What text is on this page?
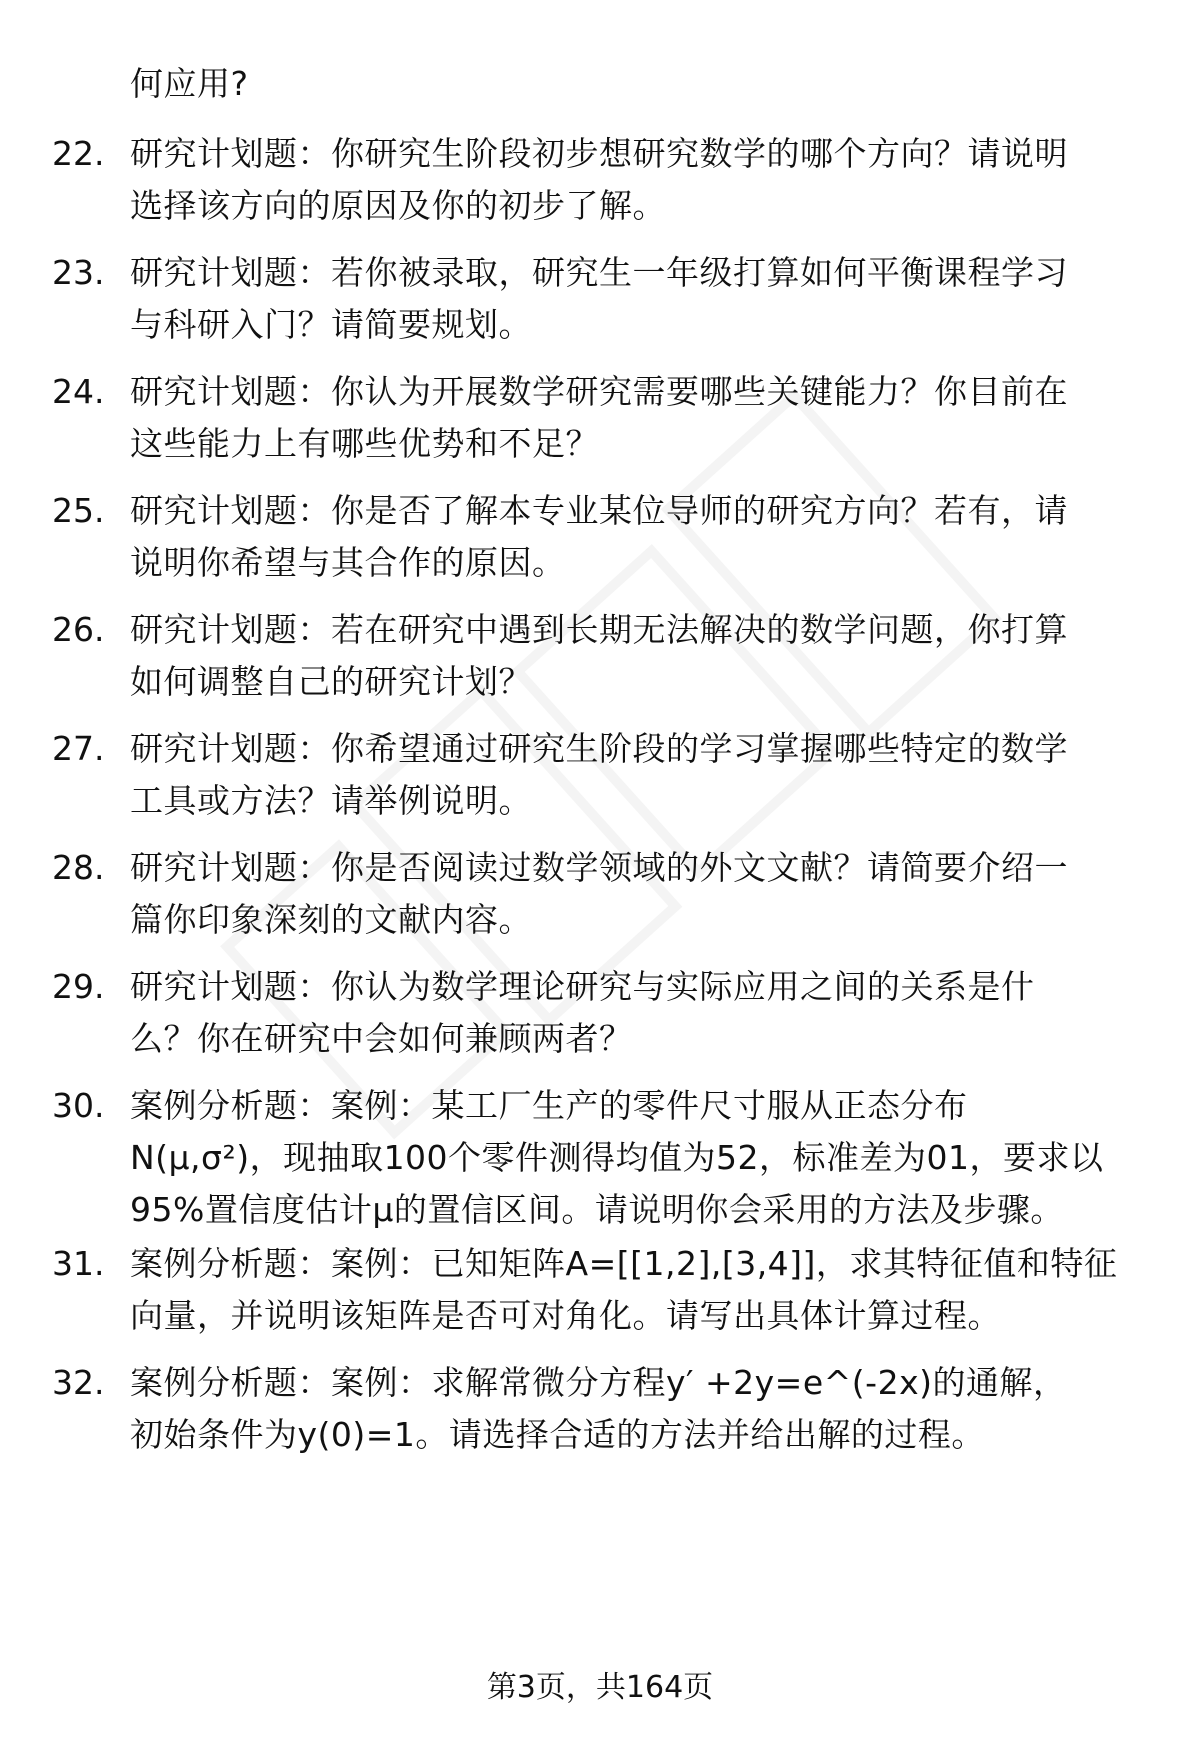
何应用?
22. 研究计划题：你研究生阶段初步想研究数学的哪个方向？请说明
选择该方向的原因及你的初步了解。
23. 研究计划题：若你被录取，研究生一年级打算如何平衡课程学习
与科研入门？请简要规划。
24. 研究计划题：你认为开展数学研究需要哪些关键能力？你目前在
这些能力上有哪些优势和不足？
25. 研究计划题：你是否了解本专业某位导师的研究方向？若有，请
说明你希望与其合作的原因。
26. 研究计划题：若在研究中遇到长期无法解决的数学问题，你打算
如何调整自己的研究计划？
27. 研究计划题：你希望通过研究生阶段的学习掌握哪些特定的数学
工具或方法？请举例说明。
28. 研究计划题：你是否阅读过数学领域的外文文献？请简要介绍一
篇你印象深刻的文献内容。
29. 研究计划题：你认为数学理论研究与实际应用之间的关系是什
么？你在研究中会如何兼顾两者？
30. 案例分析题：案例：某工厂生产的零件尺寸服从正态分布
N(μ,σ²)，现抽取100个零件测得均值为52，标准差为01，要求以
95%置信度估计μ的置信区间。请说明你会采用的方法及步骤。
31. 案例分析题：案例：已知矩阵A=[[1,2],[3,4]]，求其特征值和特征
向量，并说明该矩阵是否可对角化。请写出具体计算过程。
32. 案例分析题：案例：求解常微分方程y′ +2y=e^(-2x)的通解，
初始条件为y(0)=1。请选择合适的方法并给出解的过程。
第3页，共164页
